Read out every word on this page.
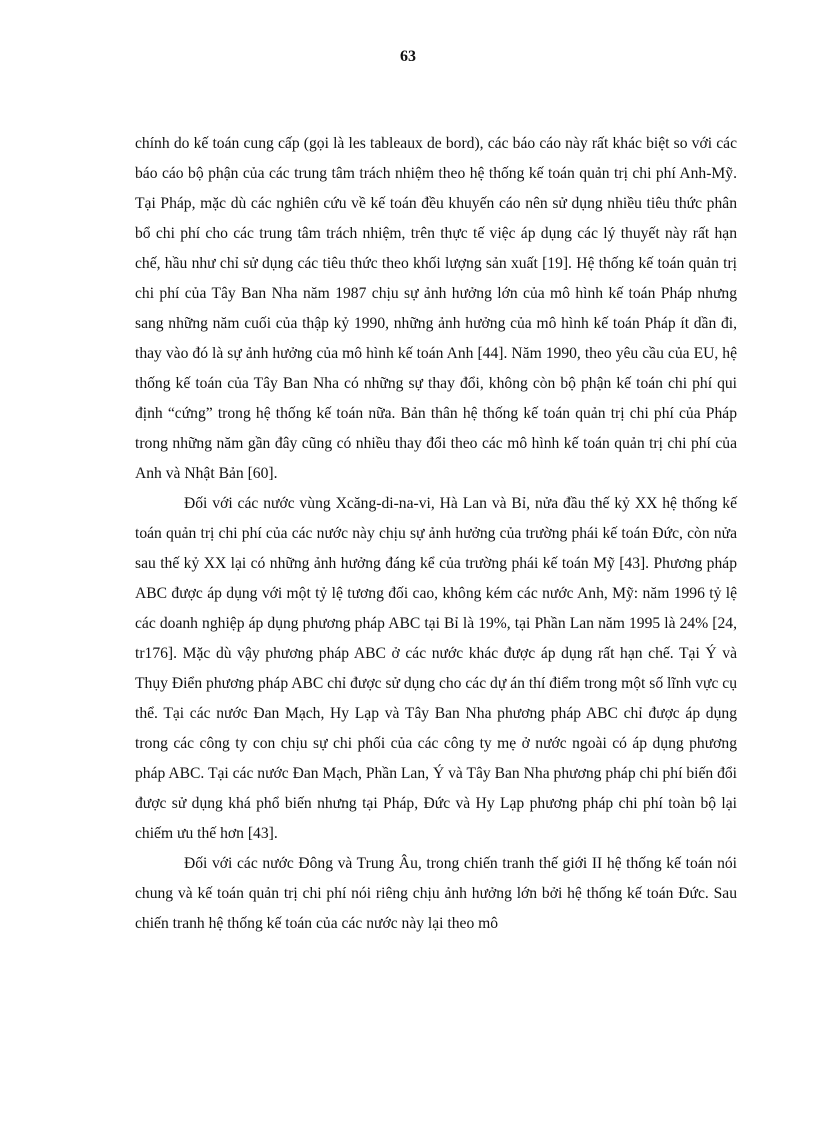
63

chính do kế toán cung cấp (gọi là les tableaux de bord), các báo cáo này rất khác biệt so với các báo cáo bộ phận của các trung tâm trách nhiệm theo hệ thống kế toán quản trị chi phí Anh-Mỹ. Tại Pháp, mặc dù các nghiên cứu về kế toán đều khuyến cáo nên sử dụng nhiều tiêu thức phân bổ chi phí cho các trung tâm trách nhiệm, trên thực tế việc áp dụng các lý thuyết này rất hạn chế, hầu như chỉ sử dụng các tiêu thức theo khối lượng sản xuất [19]. Hệ thống kế toán quản trị chi phí của Tây Ban Nha năm 1987 chịu sự ảnh hưởng lớn của mô hình kế toán Pháp nhưng sang những năm cuối của thập kỷ 1990, những ảnh hưởng của mô hình kế toán Pháp ít dần đi, thay vào đó là sự ảnh hưởng của mô hình kế toán Anh [44]. Năm 1990, theo yêu cầu của EU, hệ thống kế toán của Tây Ban Nha có những sự thay đổi, không còn bộ phận kế toán chi phí qui định “cứng” trong hệ thống kế toán nữa. Bản thân hệ thống kế toán quản trị chi phí của Pháp trong những năm gần đây cũng có nhiều thay đổi theo các mô hình kế toán quản trị chi phí của Anh và Nhật Bản [60].

Đối với các nước vùng Xcăng-di-na-vi, Hà Lan và Bỉ, nửa đầu thế kỷ XX hệ thống kế toán quản trị chi phí của các nước này chịu sự ảnh hưởng của trường phái kế toán Đức, còn nửa sau thế kỷ XX lại có những ảnh hưởng đáng kể của trường phái kế toán Mỹ [43]. Phương pháp ABC được áp dụng với một tỷ lệ tương đối cao, không kém các nước Anh, Mỹ: năm 1996 tỷ lệ các doanh nghiệp áp dụng phương pháp ABC tại Bỉ là 19%, tại Phần Lan năm 1995 là 24% [24, tr176]. Mặc dù vậy phương pháp ABC ở các nước khác được áp dụng rất hạn chế. Tại Ý và Thụy Điển phương pháp ABC chỉ được sử dụng cho các dự án thí điểm trong một số lĩnh vực cụ thể. Tại các nước Đan Mạch, Hy Lạp và Tây Ban Nha phương pháp ABC chỉ được áp dụng trong các công ty con chịu sự chi phối của các công ty mẹ ở nước ngoài có áp dụng phương pháp ABC. Tại các nước Đan Mạch, Phần Lan, Ý và Tây Ban Nha phương pháp chi phí biến đổi được sử dụng khá phổ biến nhưng tại Pháp, Đức và Hy Lạp phương pháp chi phí toàn bộ lại chiếm ưu thế hơn [43].

Đối với các nước Đông và Trung Âu, trong chiến tranh thế giới II hệ thống kế toán nói chung và kế toán quản trị chi phí nói riêng chịu ảnh hưởng lớn bởi hệ thống kế toán Đức. Sau chiến tranh hệ thống kế toán của các nước này lại theo mô
